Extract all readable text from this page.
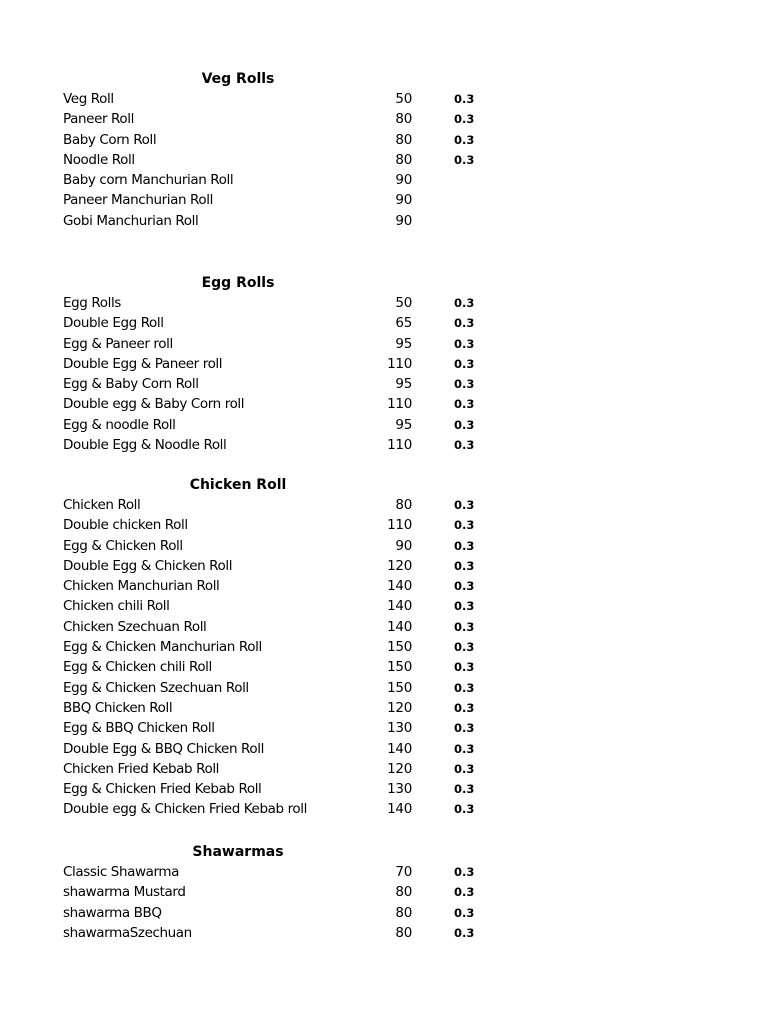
Veg Rolls
Veg Roll	50	0.3
Paneer Roll	80	0.3
Baby Corn Roll	80	0.3
Noodle Roll	80	0.3
Baby corn Manchurian Roll	90
Paneer Manchurian Roll	90
Gobi Manchurian Roll	90
Egg Rolls
Egg Rolls	50	0.3
Double Egg Roll	65	0.3
Egg & Paneer roll	95	0.3
Double Egg & Paneer roll	110	0.3
Egg & Baby Corn Roll	95	0.3
Double egg & Baby Corn roll	110	0.3
Egg & noodle Roll	95	0.3
Double Egg & Noodle Roll	110	0.3
Chicken Roll
Chicken Roll	80	0.3
Double chicken Roll	110	0.3
Egg & Chicken Roll	90	0.3
Double Egg & Chicken Roll	120	0.3
Chicken Manchurian Roll	140	0.3
Chicken chili Roll	140	0.3
Chicken Szechuan Roll	140	0.3
Egg & Chicken Manchurian Roll	150	0.3
Egg & Chicken chili Roll	150	0.3
Egg & Chicken Szechuan Roll	150	0.3
BBQ Chicken Roll	120	0.3
Egg & BBQ Chicken Roll	130	0.3
Double Egg & BBQ Chicken Roll	140	0.3
Chicken Fried Kebab Roll	120	0.3
Egg & Chicken Fried Kebab Roll	130	0.3
Double egg & Chicken Fried Kebab roll	140	0.3
Shawarmas
Classic Shawarma	70	0.3
shawarma Mustard	80	0.3
shawarma BBQ	80	0.3
shawarmaSzechuan	80	0.3
